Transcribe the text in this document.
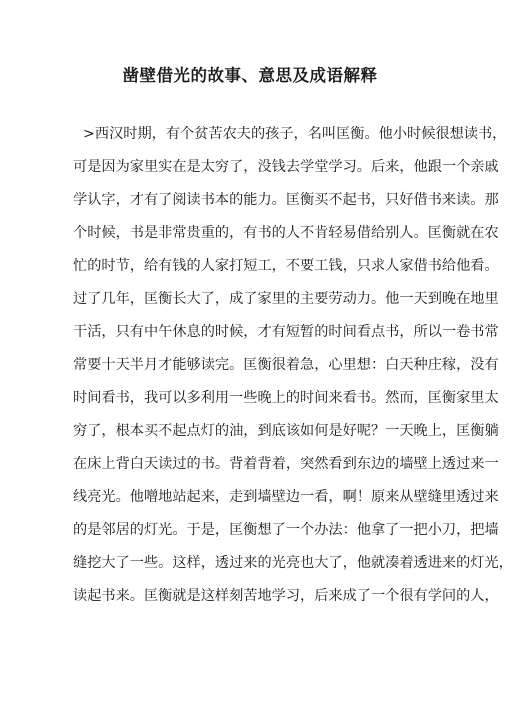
凿壁借光的故事、意思及成语解释
>西汉时期，有个贫苦农夫的孩子，名叫匡衡。他小时候很想读书，
可是因为家里实在是太穷了，没钱去学堂学习。后来，他跟一个亲戚
学认字，才有了阅读书本的能力。匡衡买不起书，只好借书来读。那
个时候，书是非常贵重的，有书的人不肯轻易借给别人。匡衡就在农
忙的时节，给有钱的人家打短工，不要工钱，只求人家借书给他看。
过了几年，匡衡长大了，成了家里的主要劳动力。他一天到晚在地里
干活，只有中午休息的时候，才有短暂的时间看点书，所以一卷书常
常要十天半月才能够读完。匡衡很着急，心里想：白天种庄稼，没有
时间看书，我可以多利用一些晚上的时间来看书。然而，匡衡家里太
穷了，根本买不起点灯的油，到底该如何是好呢？一天晚上，匡衡躺
在床上背白天读过的书。背着背着，突然看到东边的墙壁上透过来一
线亮光。他噌地站起来，走到墙壁边一看，啊！原来从壁缝里透过来
的是邻居的灯光。于是，匡衡想了一个办法：他拿了一把小刀，把墙
缝挖大了一些。这样，透过来的光亮也大了，他就凑着透进来的灯光，
读起书来。匡衡就是这样刻苦地学习，后来成了一个很有学问的人，
